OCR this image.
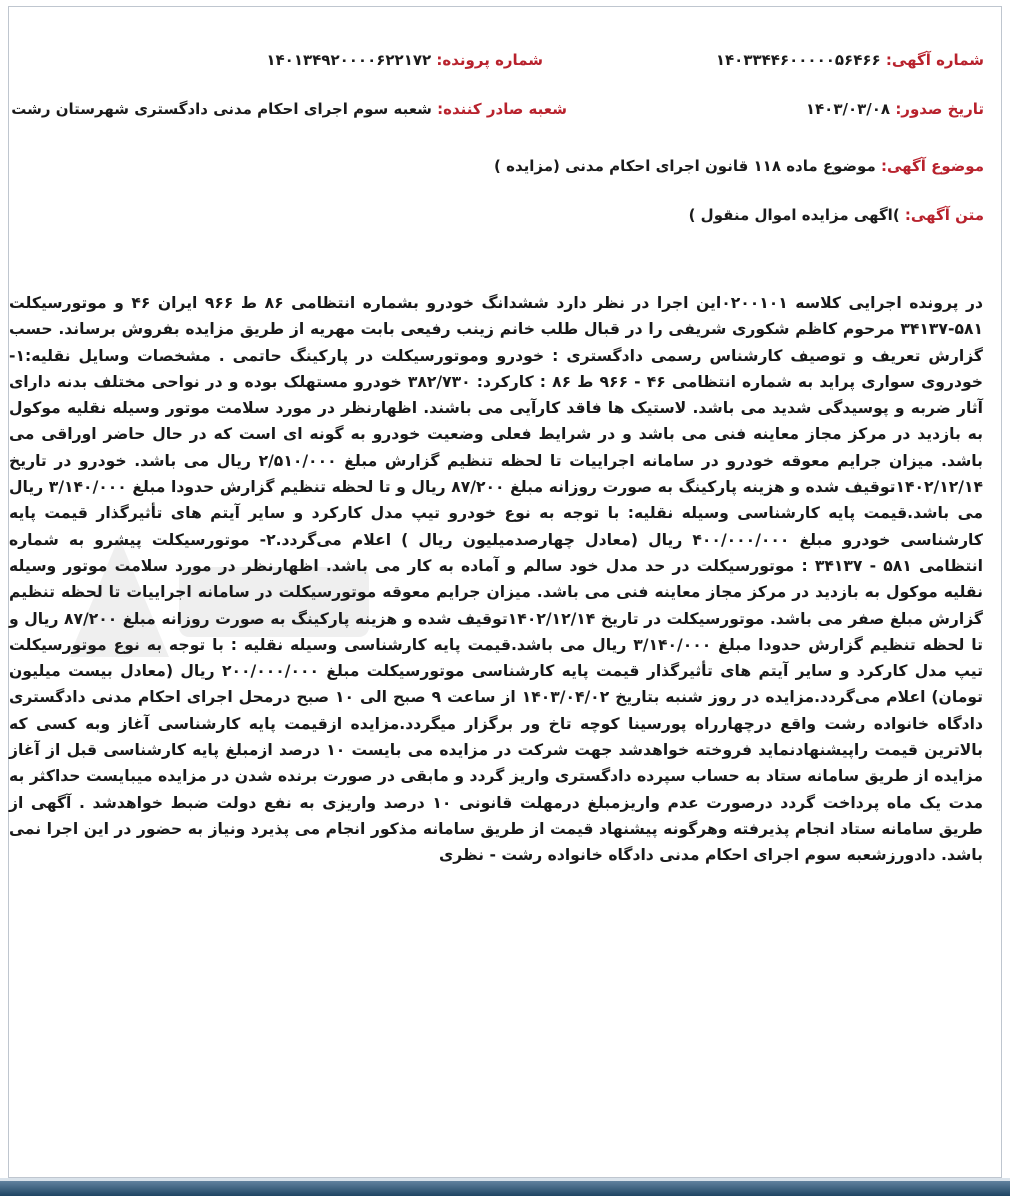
شماره آگهی: ۱۴۰۳۳۴۴۶۰۰۰۰۰۵۶۴۶۶
شماره پرونده: ۱۴۰۱۳۴۹۲۰۰۰۰۶۲۲۱۷۲
تاریخ صدور: ۱۴۰۳/۰۳/۰۸
شعبه صادر کننده: شعبه سوم اجرای احکام مدنی دادگستری شهرستان رشت
موضوع آگهی: موضوع ماده ۱۱۸ قانون اجرای احکام مدنی (مزایده )
متن آگهی: )اگهی مزایده اموال منقول )
در پرونده اجرایی کلاسه ۰۲۰۰۱۰۱این اجرا در نظر دارد ششدانگ خودرو بشماره انتظامی ۸۶ ط ۹۶۶ ایران ۴۶ و موتورسیکلت ۵۸۱-۳۴۱۳۷ مرحوم کاظم شکوری شریفی را در قبال طلب خانم زینب رفیعی بابت مهریه از طریق مزایده بفروش برساند. حسب گزارش تعریف و توصیف کارشناس رسمی دادگستری : خودرو وموتورسیکلت در پارکینگ حاتمی . مشخصات وسایل نقلیه:۱- خودروی سواری پراید به شماره انتظامی ۴۶ - ۹۶۶ ط ۸۶ : کارکرد: ۳۸۲/۷۳۰ خودرو مستهلک بوده و در نواحی مختلف بدنه دارای آثار ضربه و پوسیدگی شدید می باشد. لاستیک ها فاقد کارآیی می باشند. اظهارنظر در مورد سلامت موتور وسیله نقلیه موکول به بازدید در مرکز مجاز معاینه فنی می باشد و در شرایط فعلی وضعیت خودرو به گونه ای است که در حال حاضر اوراقی می باشد. میزان جرایم معوقه خودرو در سامانه اجراییات تا لحظه تنظیم گزارش مبلغ ۲/۵۱۰/۰۰۰ ریال می باشد. خودرو در تاریخ ۱۴۰۲/۱۲/۱۴توقیف شده و هزینه پارکینگ به صورت روزانه مبلغ ۸۷/۲۰۰ ریال و تا لحظه تنظیم گزارش حدودا مبلغ ۳/۱۴۰/۰۰۰ ریال می باشد.قیمت پایه کارشناسی وسیله نقلیه: با توجه به نوع خودرو تیپ مدل کارکرد و سایر آیتم های تأثیرگذار قیمت پایه کارشناسی خودرو مبلغ ۴۰۰/۰۰۰/۰۰۰ ریال (معادل چهارصدمیلیون ریال ) اعلام می‌گردد.۲- موتورسیکلت پیشرو به شماره انتظامی ۵۸۱ - ۳۴۱۳۷ : موتورسیکلت در حد مدل خود سالم و آماده به کار می باشد. اظهارنظر در مورد سلامت موتور وسیله نقلیه موکول به بازدید در مرکز مجاز معاینه فنی می باشد. میزان جرایم معوقه موتورسیکلت در سامانه اجراییات تا لحظه تنظیم گزارش مبلغ صفر می باشد. موتورسیکلت در تاریخ ۱۴۰۲/۱۲/۱۴توقیف شده و هزینه پارکینگ به صورت روزانه مبلغ ۸۷/۲۰۰ ریال و تا لحظه تنظیم گزارش حدودا مبلغ ۳/۱۴۰/۰۰۰ ریال می باشد.قیمت پایه کارشناسی وسیله نقلیه : با توجه به نوع موتورسیکلت تیپ مدل کارکرد و سایر آیتم های تأثیرگذار قیمت پایه کارشناسی موتورسیکلت مبلغ ۲۰۰/۰۰۰/۰۰۰ ریال (معادل بیست میلیون تومان) اعلام می‌گردد.مزایده در روز شنبه بتاریخ ۱۴۰۳/۰۴/۰۲ از ساعت ۹ صبح الی ۱۰ صبح درمحل اجرای احکام مدنی دادگستری دادگاه خانواده رشت واقع درچهارراه پورسینا کوچه تاخ ور برگزار میگردد.مزایده ازقیمت پایه کارشناسی آغاز وبه کسی که بالاترین قیمت راپیشنهادنماید فروخته خواهدشد جهت شرکت در مزایده می بایست ۱۰ درصد ازمبلغ پایه کارشناسی قبل از آغاز مزایده از طریق سامانه ستاد به حساب سپرده دادگستری واریز گردد و مابقی در صورت برنده شدن در مزایده میبایست حداکثر به مدت یک ماه پرداخت گردد درصورت عدم واریزمبلغ درمهلت قانونی ۱۰ درصد واریزی به نفع دولت ضبط خواهدشد . آگهی از طریق سامانه ستاد انجام پذیرفته وهرگونه پیشنهاد قیمت از طریق سامانه مذکور انجام می پذیرد ونیاز به حضور در این اجرا نمی باشد. دادورزشعبه سوم اجرای احکام مدنی دادگاه خانواده رشت - نظری
